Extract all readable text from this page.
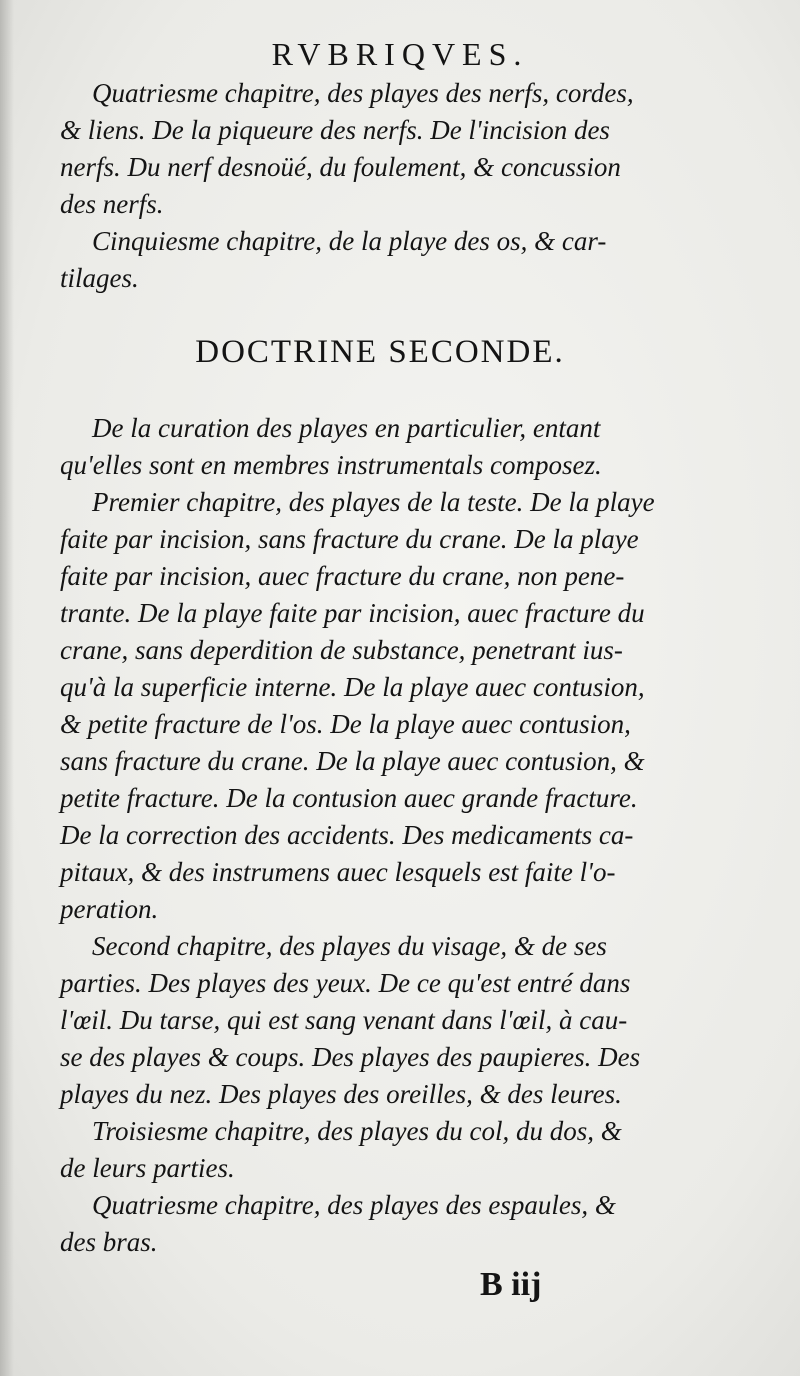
RVBRIQVES.
Quatriesme chapitre, des playes des nerfs, cordes,
& liens. De la piqueure des nerfs. De l'incision des
nerfs. Du nerf desnoüé, du foulement, & concussion
des nerfs.
Cinquiesme chapitre, de la playe des os, & car-
tilages.
DOCTRINE SECONDE.
De la curation des playes en particulier, entant
qu'elles sont en membres instrumentals composez.
Premier chapitre, des playes de la teste. De la playe
faite par incision, sans fracture du crane. De la playe
faite par incision, auec fracture du crane, non pene-
trante. De la playe faite par incision, auec fracture du
crane, sans deperdition de substance, penetrant ius-
qu'à la superficie interne. De la playe auec contusion,
& petite fracture de l'os. De la playe auec contusion,
sans fracture du crane. De la playe auec contusion, &
petite fracture. De la contusion auec grande fracture.
De la correction des accidents. Des medicaments ca-
pitaux, & des instrumens auec lesquels est faite l'o-
peration.
Second chapitre, des playes du visage, & de ses
parties. Des playes des yeux. De ce qu'est entré dans
l'œil. Du tarse, qui est sang venant dans l'œil, à cau-
se des playes & coups. Des playes des paupieres. Des
playes du nez. Des playes des oreilles, & des leures.
Troisiesme chapitre, des playes du col, du dos, &
de leurs parties.
Quatriesme chapitre, des playes des espaules, &
des bras.
B iij
